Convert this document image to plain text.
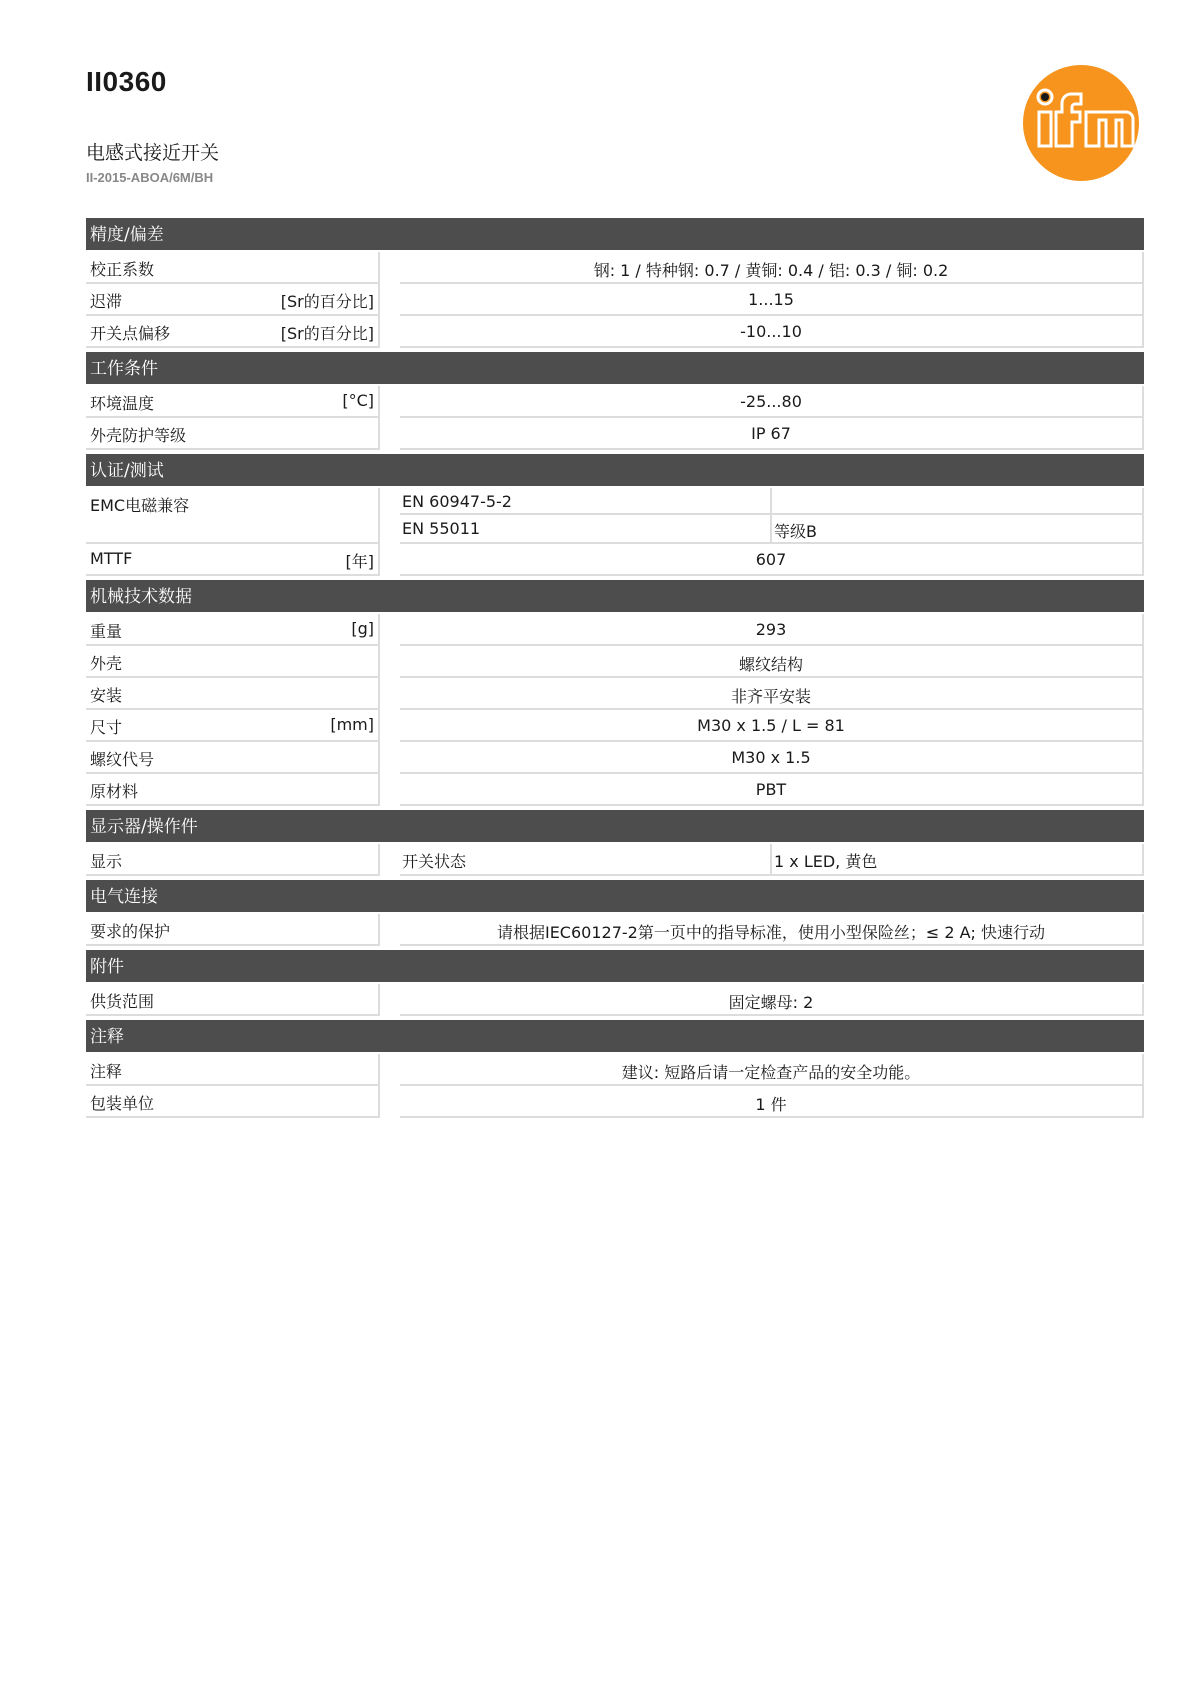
II0360
电感式接近开关
II-2015-ABOA/6M/BH
精度/偏差
校正系数	钢: 1 / 特种钢: 0.7 / 黄铜: 0.4 / 铝: 0.3 / 铜: 0.2
迟滞	[Sr的百分比]	1...15
开关点偏移	[Sr的百分比]	-10...10
工作条件
环境温度	[°C]	-25...80
外壳防护等级	IP 67
认证/测试
EMC电磁兼容	EN 60947-5-2
EN 55011	等级B
MTTF	[年]	607
机械技术数据
重量	[g]	293
外壳	螺纹结构
安装	非齐平安装
尺寸	[mm]	M30 x 1.5 / L = 81
螺纹代号	M30 x 1.5
原材料	PBT
显示器/操作件
显示	开关状态	1 x LED, 黄色
电气连接
要求的保护	请根据IEC60127-2第一页中的指导标准，使用小型保险丝；≤ 2 A; 快速行动
附件
供货范围	固定螺母: 2
注释
注释	建议: 短路后请一定检查产品的安全功能。
包装单位	1 件
